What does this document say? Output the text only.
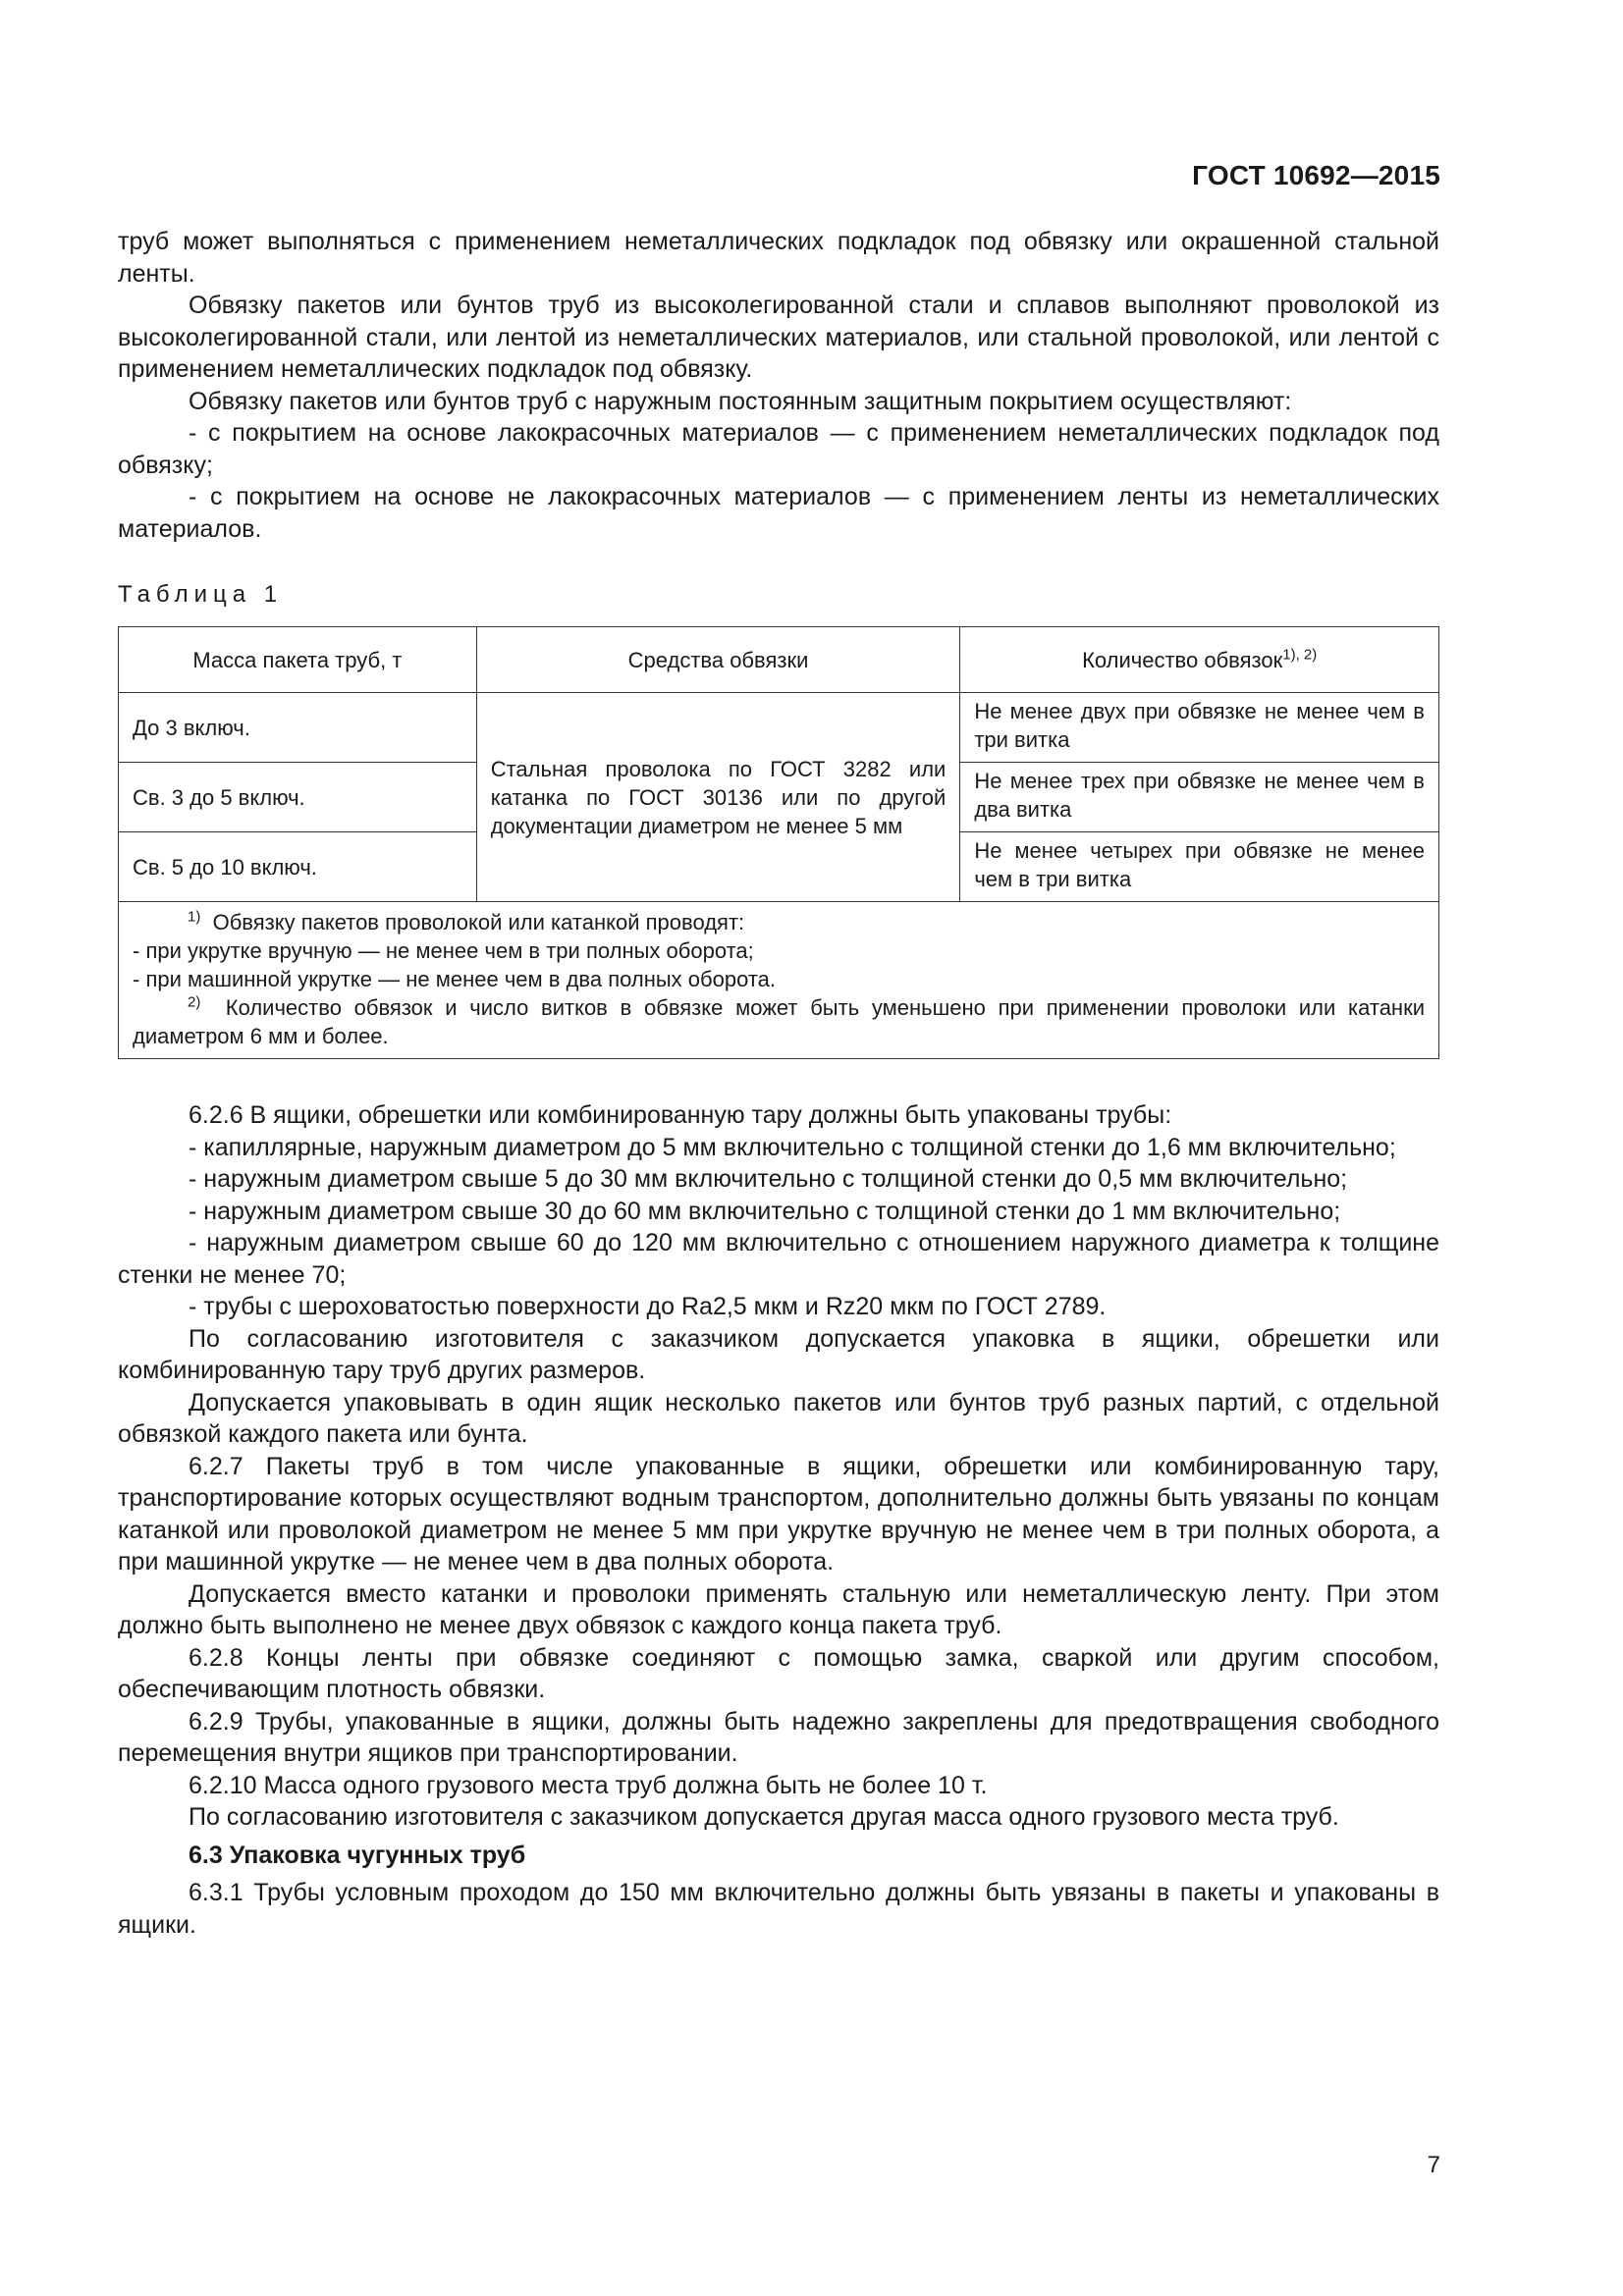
ГОСТ 10692—2015

труб может выполняться с применением неметаллических подкладок под обвязку или окрашенной стальной ленты.

Обвязку пакетов или бунтов труб из высоколегированной стали и сплавов выполняют проволокой из высоколегированной стали, или лентой из неметаллических материалов, или стальной проволокой, или лентой с применением неметаллических подкладок под обвязку.

Обвязку пакетов или бунтов труб с наружным постоянным защитным покрытием осуществляют:

- с покрытием на основе лакокрасочных материалов — с применением неметаллических подкладок под обвязку;

- с покрытием на основе не лакокрасочных материалов — с применением ленты из неметаллических материалов.

Таблица 1
Масса пакета труб, т	Средства обвязки	Количество обвязок$^{1), 2)}$
До 3 включ.	Стальная проволока по ГОСТ 3282 или катанка по ГОСТ 30136 или по другой документации диаметром не менее 5 мм	Не менее двух при обвязке не менее чем в три витка
Св. 3 до 5 включ.		Не менее трех при обвязке не менее чем в два витка
Св. 5 до 10 включ.		Не менее четырех при обвязке не менее чем в три витка

$^{1)}$ Обвязку пакетов проволокой или катанкой проводят:
- при укрутке вручную — не менее чем в три полных оборота;
- при машинной укрутке — не менее чем в два полных оборота.
$^{2)}$ Количество обвязок и число витков в обвязке может быть уменьшено при применении проволоки или катанки диаметром 6 мм и более.		

6.2.6 В ящики, обрешетки или комбинированную тару должны быть упакованы трубы:

- капиллярные, наружным диаметром до 5 мм включительно с толщиной стенки до 1,6 мм включительно;

- наружным диаметром свыше 5 до 30 мм включительно с толщиной стенки до 0,5 мм включительно;

- наружным диаметром свыше 30 до 60 мм включительно с толщиной стенки до 1 мм включительно;

- наружным диаметром свыше 60 до 120 мм включительно с отношением наружного диаметра к толщине стенки не менее 70;

- трубы с шероховатостью поверхности до Ra2,5 мкм и Rz20 мкм по ГОСТ 2789.

По согласованию изготовителя с заказчиком допускается упаковка в ящики, обрешетки или комбинированную тару труб других размеров.

Допускается упаковывать в один ящик несколько пакетов или бунтов труб разных партий, с отдельной обвязкой каждого пакета или бунта.

6.2.7 Пакеты труб в том числе упакованные в ящики, обрешетки или комбинированную тару, транспортирование которых осуществляют водным транспортом, дополнительно должны быть увязаны по концам катанкой или проволокой диаметром не менее 5 мм при укрутке вручную не менее чем в три полных оборота, а при машинной укрутке — не менее чем в два полных оборота.

Допускается вместо катанки и проволоки применять стальную или неметаллическую ленту. При этом должно быть выполнено не менее двух обвязок с каждого конца пакета труб.

6.2.8 Концы ленты при обвязке соединяют с помощью замка, сваркой или другим способом, обеспечивающим плотность обвязки.

6.2.9 Трубы, упакованные в ящики, должны быть надежно закреплены для предотвращения свободного перемещения внутри ящиков при транспортировании.

6.2.10 Масса одного грузового места труб должна быть не более 10 т.

По согласованию изготовителя с заказчиком допускается другая масса одного грузового места труб.

6.3 Упаковка чугунных труб

6.3.1 Трубы условным проходом до 150 мм включительно должны быть увязаны в пакеты и упакованы в ящики.

7
